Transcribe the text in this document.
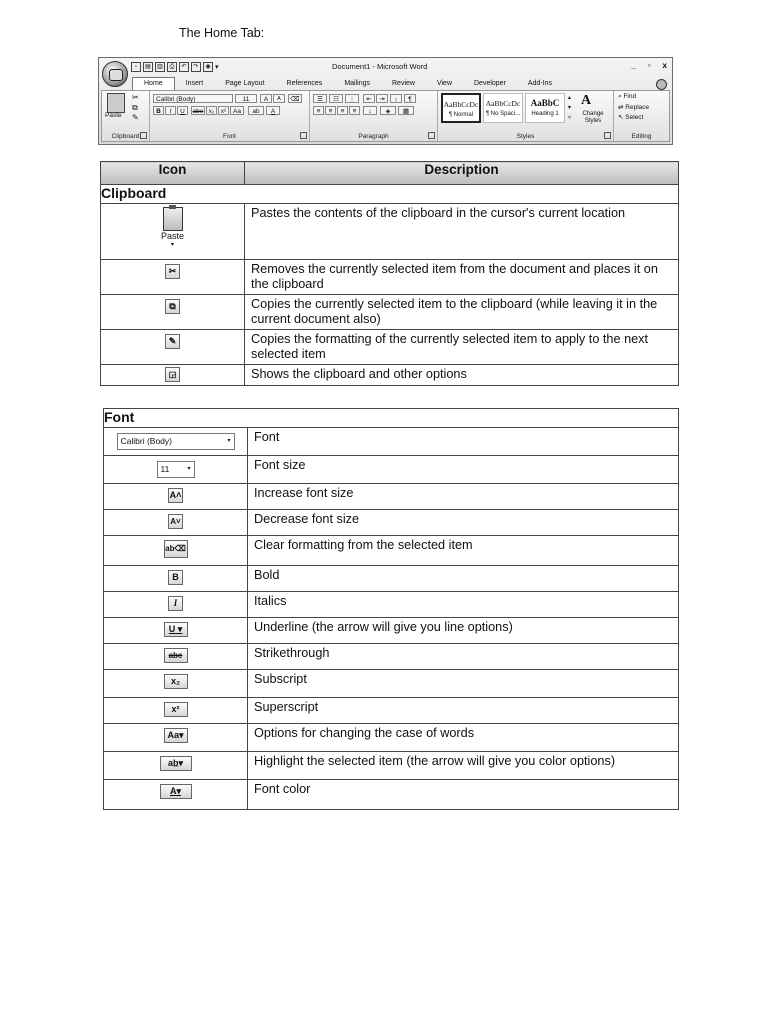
The Home Tab:
▫	▤	▥	⎙	↶	↷	◉ ▾	Document1 - Microsoft Word	_ ▫ x
Home	Insert	Page Layout	References	Mailings	Review	View	Developer	Add-Ins
Paste
✂
⧉
✎
Clipboard
Calibri (Body)	11	A	A	⌫
B	I	U	abe x₂ x²	Aa	ab	A
Font
☰	☷	⋮	⇤	⇥	↕	¶
≡	≡	≡	≡	↕	◈	▦
Paragraph
AaBbCcDc
¶ Normal
AaBbCcDc
¶ No Spaci...
AaBbC
Heading 1
▴
▾
▿
A
Change Styles
Styles
⌕ Find
⇄ Replace
↖ Select
Editing
Icon	Description
Clipboard	

Paste
▾	Pastes the contents of the clipboard in the cursor's current location
✂	Removes the currently selected item from the document and places it on the clipboard
⧉	Copies the currently selected item to the clipboard (while leaving it in the current document also)
✎	Copies the formatting of the currently selected item to apply to the next selected item
◲	Shows the clipboard and other options
Font	
Calibri (Body) ▾	Font
11 ▾	Font size
A˄	Increase font size
A˅	Decrease font size
ab⌫	Clear formatting from the selected item
B	Bold
I	Italics
U ▾	Underline (the arrow will give you line options)
abe	Strikethrough
x₂	Subscript
x²	Superscript
Aa▾	Options for changing the case of words
ab̲▾	Highlight the selected item (the arrow will give you color options)
A▾	Font color
